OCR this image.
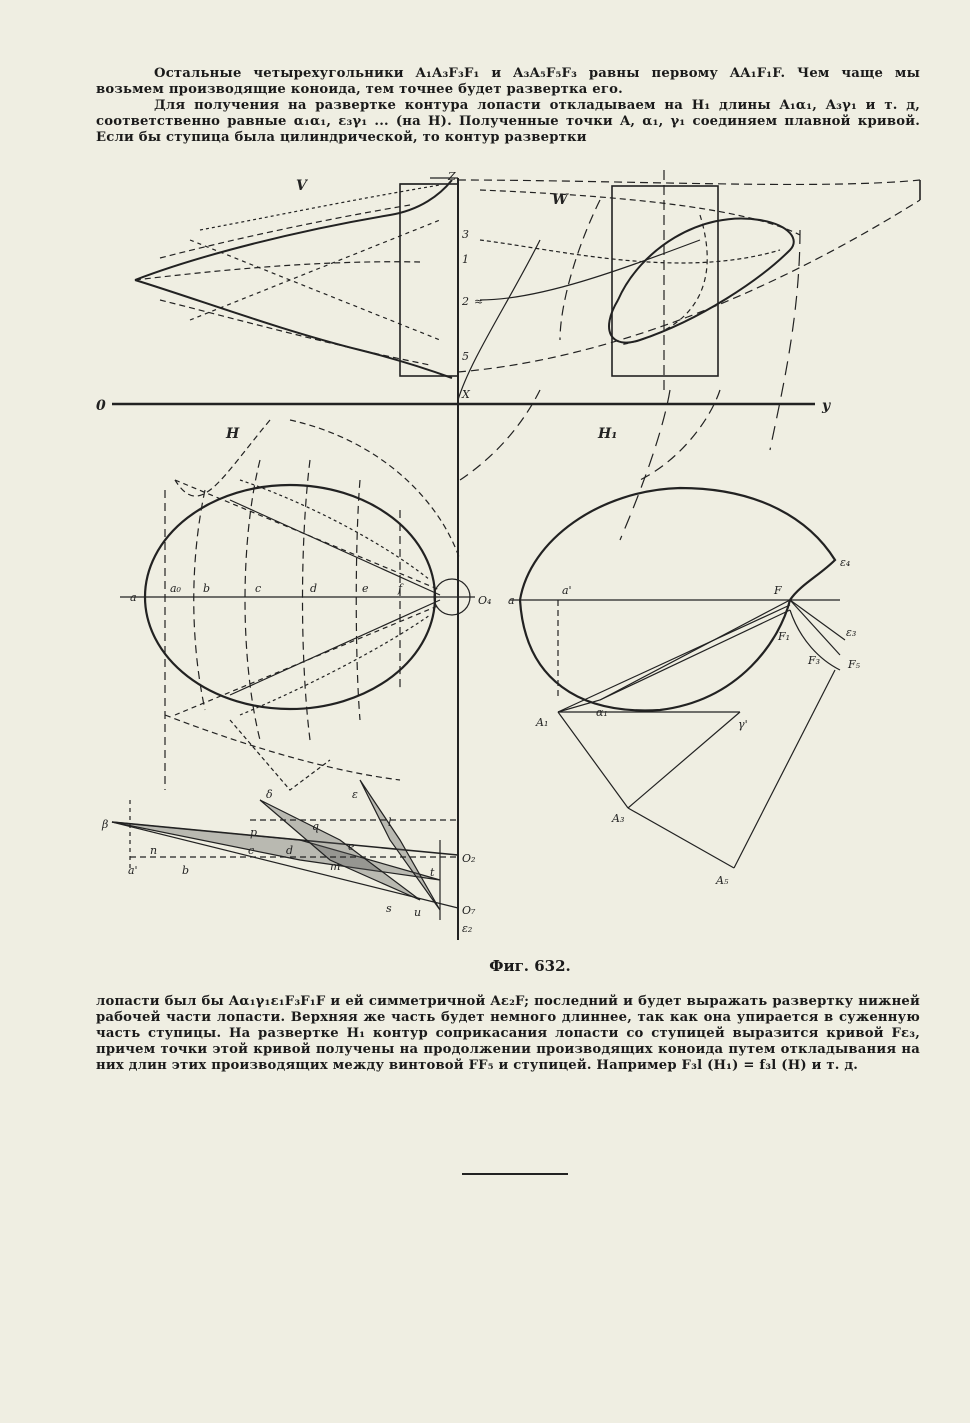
Остальные четырехугольники A₁A₃F₃F₁ и A₃A₅F₅F₃ равны первому AA₁F₁F. Чем чаще мы возьмем производящие коноида, тем точнее будет развертка его.

Для получения на развертке контура лопасти откладываем на H₁ длины A₁α₁, A₃γ₁ и т. д, соответственно равные α₁α₁, ε₃γ₁ ... (на H). Полученные точки A, α₁, γ₁ соединяем плавной кривой. Если бы ступица была цилиндрической, то контур развертки

V
W
H	H₁
0	y
Z
X
a
a₀ b	c	d	e	f
O₄ a
a'	F
F₁
F₃	F₅
ε₃
ε₄
A₁
α₁
γ'
A₃
A₅
β
a'	b
c	d	e
n
p	q	l
m	t
u
s
ε
δ
O₂
O₇
ε₂
3
1
2 ≈
5
Фиг. 632.

лопасти был бы Aα₁γ₁ε₁F₃F₁F и ей симметричной Aε₂F; последний и будет выражать развертку нижней рабочей части лопасти. Верхняя же часть будет немного длиннее, так как она упирается в суженную часть ступицы. На развертке H₁ контур соприкасания лопасти со ступицей выразится кривой Fε₃, причем точки этой кривой получены на продолжении производящих коноида путем откладывания на них длин этих производящих между винтовой FF₅ и ступицей. Например F₃l (H₁) = f₃l (H) и т. д.
